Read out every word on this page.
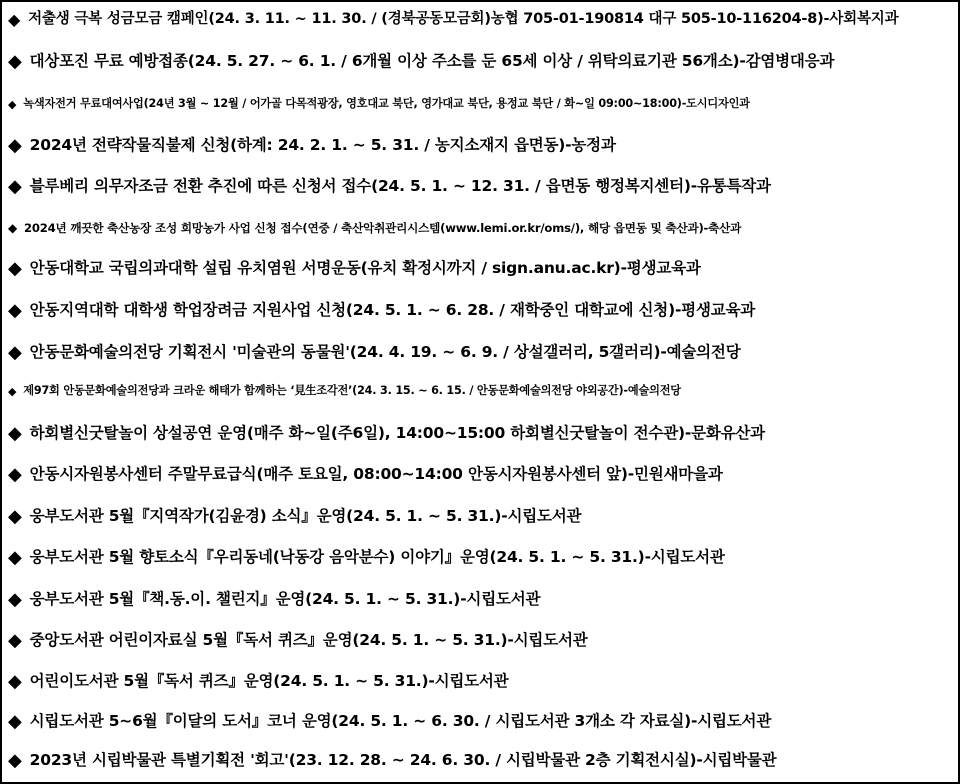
◆ 저출생 극복 성금모금 캠페인(24. 3. 11. ~ 11. 30. / (경북공동모금회)농협 705-01-190814 대구 505-10-116204-8)-사회복지과
◆ 대상포진 무료 예방접종(24. 5. 27. ~ 6. 1. / 6개월 이상 주소를 둔 65세 이상 / 위탁의료기관 56개소)-감염병대응과
◆ 녹색자전거 무료대여사업(24년 3월 ~ 12월 / 어가골 다목적광장, 영호대교 북단, 영가대교 북단, 용정교 북단 / 화~일 09:00~18:00)-도시디자인과
◆ 2024년 전략작물직불제 신청(하계: 24. 2. 1. ~ 5. 31. / 농지소재지 읍면동)-농정과
◆ 블루베리 의무자조금 전환 추진에 따른 신청서 접수(24. 5. 1. ~ 12. 31. / 읍면동 행정복지센터)-유통특작과
◆ 2024년 깨끗한 축산농장 조성 희망농가 사업 신청 접수(연중 / 축산악취관리시스템(www.lemi.or.kr/oms/), 해당 읍면동 및 축산과)-축산과
◆ 안동대학교 국립의과대학 설립 유치염원 서명운동(유치 확정시까지 / sign.anu.ac.kr)-평생교육과
◆ 안동지역대학 대학생 학업장려금 지원사업 신청(24. 5. 1. ~ 6. 28. / 재학중인 대학교에 신청)-평생교육과
◆ 안동문화예술의전당 기획전시 '미술관의 동물원'(24. 4. 19. ~ 6. 9. / 상설갤러리, 5갤러리)-예술의전당
◆ 제97회 안동문화예술의전당과 크라운 해태가 함께하는 ‘見生조각전’(24. 3. 15. ~ 6. 15. / 안동문화예술의전당 야외공간)-예술의전당
◆ 하회별신굿탈놀이 상설공연 운영(매주 화~일(주6일), 14:00~15:00 하회별신굿탈놀이 전수관)-문화유산과
◆ 안동시자원봉사센터 주말무료급식(매주 토요일, 08:00~14:00 안동시자원봉사센터 앞)-민원새마을과
◆ 웅부도서관 5월『지역작가(김윤경) 소식』운영(24. 5. 1. ~ 5. 31.)-시립도서관
◆ 웅부도서관 5월 향토소식『우리동네(낙동강 음악분수) 이야기』운영(24. 5. 1. ~ 5. 31.)-시립도서관
◆ 웅부도서관 5월『책.동.이. 챌린지』운영(24. 5. 1. ~ 5. 31.)-시립도서관
◆ 중앙도서관 어린이자료실 5월『독서 퀴즈』운영(24. 5. 1. ~ 5. 31.)-시립도서관
◆ 어린이도서관 5월『독서 퀴즈』운영(24. 5. 1. ~ 5. 31.)-시립도서관
◆ 시립도서관 5~6월『이달의 도서』코너 운영(24. 5. 1. ~ 6. 30. / 시립도서관 3개소 각 자료실)-시립도서관
◆ 2023년 시립박물관 특별기획전 '회고'(23. 12. 28. ~ 24. 6. 30. / 시립박물관 2층 기획전시실)-시립박물관
